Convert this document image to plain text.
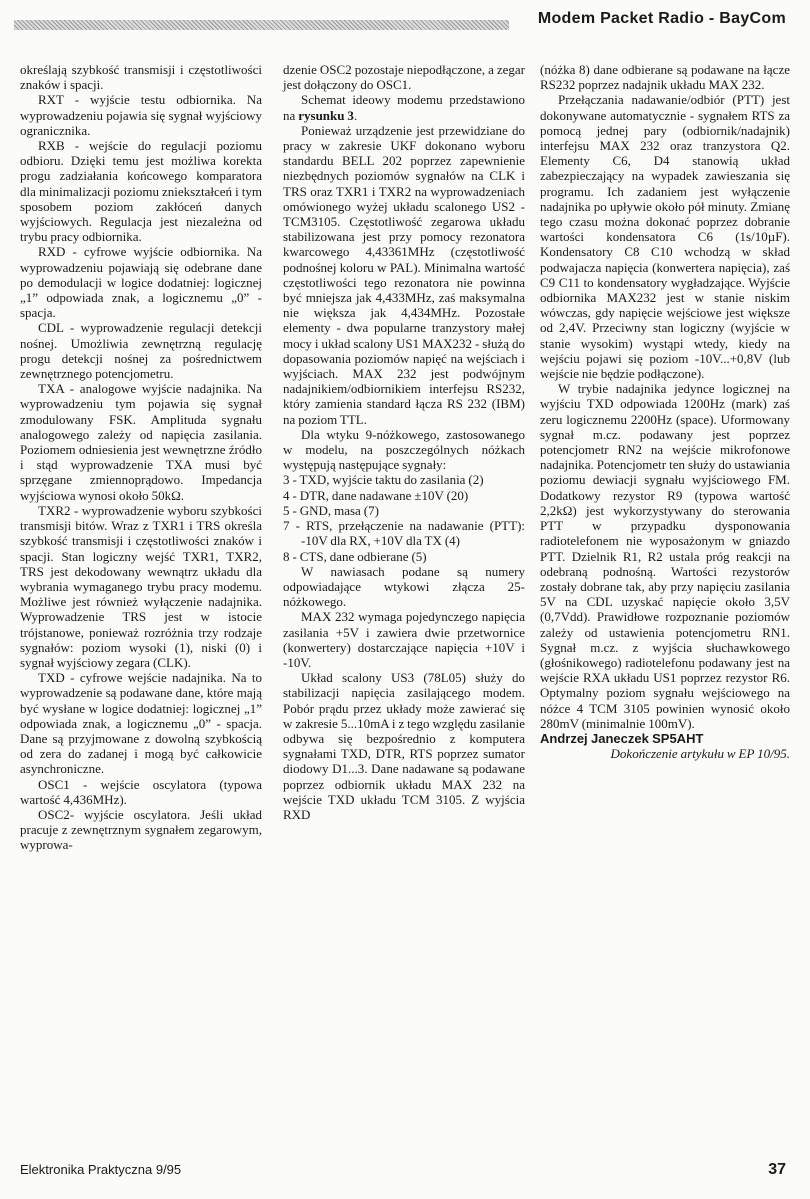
Modem Packet Radio - BayCom

określają szybkość transmisji i częstotliwości znaków i spacji.

RXT - wyjście testu odbiornika. Na wyprowadzeniu pojawia się sygnał wyjściowy ogranicznika.

RXB - wejście do regulacji poziomu odbioru. Dzięki temu jest możliwa korekta progu zadziałania końcowego komparatora dla minimalizacji poziomu zniekształceń i tym sposobem poziom zakłóceń danych wyjściowych. Regulacja jest niezależna od trybu pracy odbiornika.

RXD - cyfrowe wyjście odbiornika. Na wyprowadzeniu pojawiają się odebrane dane po demodulacji w logice dodatniej: logicznej „1” odpowiada znak, a logicznemu „0” - spacja.

CDL - wyprowadzenie regulacji detekcji nośnej. Umożliwia zewnętrzną regulację progu detekcji nośnej za pośrednictwem zewnętrznego potencjometru.

TXA - analogowe wyjście nadajnika. Na wyprowadzeniu tym pojawia się sygnał zmodulowany FSK. Amplituda sygnału analogowego zależy od napięcia zasilania. Poziomem odniesienia jest wewnętrzne źródło i stąd wyprowadzenie TXA musi być sprzęgane zmiennoprądowo. Impedancja wyjściowa wynosi około 50kΩ.

TXR2 - wyprowadzenie wyboru szybkości transmisji bitów. Wraz z TXR1 i TRS określa szybkość transmisji i częstotliwości znaków i spacji. Stan logiczny wejść TXR1, TXR2, TRS jest dekodowany wewnątrz układu dla wybrania wymaganego trybu pracy modemu. Możliwe jest również wyłączenie nadajnika. Wyprowadzenie TRS jest w istocie trójstanowe, ponieważ rozróżnia trzy rodzaje sygnałów: poziom wysoki (1), niski (0) i sygnał wyjściowy zegara (CLK).

TXD - cyfrowe wejście nadajnika. Na to wyprowadzenie są podawane dane, które mają być wysłane w logice dodatniej: logicznej „1” odpowiada znak, a logicznemu „0” - spacja. Dane są przyjmowane z dowolną szybkością od zera do zadanej i mogą być całkowicie asynchroniczne.

OSC1 - wejście oscylatora (typowa wartość 4,436MHz).

OSC2- wyjście oscylatora. Jeśli układ pracuje z zewnętrznym sygnałem zegarowym, wyprowa-

dzenie OSC2 pozostaje niepodłączone, a zegar jest dołączony do OSC1.

Schemat ideowy modemu przedstawiono na rysunku 3.

Ponieważ urządzenie jest przewidziane do pracy w zakresie UKF dokonano wyboru standardu BELL 202 poprzez zapewnienie niezbędnych poziomów sygnałów na CLK i TRS oraz TXR1 i TXR2 na wyprowadzeniach omówionego wyżej układu scalonego US2 - TCM3105. Częstotliwość zegarowa układu stabilizowana jest przy pomocy rezonatora kwarcowego 4,43361MHz (częstotliwość podnośnej koloru w PAL). Minimalna wartość częstotliwości tego rezonatora nie powinna być mniejsza jak 4,433MHz, zaś maksymalna nie większa jak 4,434MHz. Pozostałe elementy - dwa popularne tranzystory małej mocy i układ scalony US1 MAX232 - służą do dopasowania poziomów napięć na wejściach i wyjściach. MAX 232 jest podwójnym nadajnikiem/odbiornikiem interfejsu RS232, który zamienia standard łącza RS 232 (IBM) na poziom TTL.

Dla wtyku 9-nóżkowego, zastosowanego w modelu, na poszczególnych nóżkach występują następujące sygnały:

3 - TXD, wyjście taktu do zasilania (2)

4 - DTR, dane nadawane ±10V (20)

5 - GND, masa (7)

7 - RTS, przełączenie na nadawanie (PTT): -10V dla RX, +10V dla TX (4)

8 - CTS, dane odbierane (5)

W nawiasach podane są numery odpowiadające wtykowi złącza 25-nóżkowego.

MAX 232 wymaga pojedynczego napięcia zasilania +5V i zawiera dwie przetwornice (konwertery) dostarczające napięcia +10V i -10V.

Układ scalony US3 (78L05) służy do stabilizacji napięcia zasilającego modem. Pobór prądu przez układy może zawierać się w zakresie 5...10mA i z tego względu zasilanie odbywa się bezpośrednio z komputera sygnałami TXD, DTR, RTS poprzez sumator diodowy D1...3. Dane nadawane są podawane poprzez odbiornik układu MAX 232 na wejście TXD układu TCM 3105. Z wyjścia RXD

(nóżka 8) dane odbierane są podawane na łącze RS232 poprzez nadajnik układu MAX 232.

Przełączania nadawanie/odbiór (PTT) jest dokonywane automatycznie - sygnałem RTS za pomocą jednej pary (odbiornik/nadajnik) interfejsu MAX 232 oraz tranzystora Q2. Elementy C6, D4 stanowią układ zabezpieczający na wypadek zawieszania się programu. Ich zadaniem jest wyłączenie nadajnika po upływie około pół minuty. Zmianę tego czasu można dokonać poprzez dobranie wartości kondensatora C6 (1s/10µF). Kondensatory C8 C10 wchodzą w skład podwajacza napięcia (konwertera napięcia), zaś C9 C11 to kondensatory wygładzające. Wyjście odbiornika MAX232 jest w stanie niskim wówczas, gdy napięcie wejściowe jest większe od 2,4V. Przeciwny stan logiczny (wyjście w stanie wysokim) wystąpi wtedy, kiedy na wejściu pojawi się poziom -10V...+0,8V (lub wejście nie będzie podłączone).

W trybie nadajnika jedynce logicznej na wyjściu TXD odpowiada 1200Hz (mark) zaś zeru logicznemu 2200Hz (space). Uformowany sygnał m.cz. podawany jest poprzez potencjometr RN2 na wejście mikrofonowe nadajnika. Potencjometr ten służy do ustawiania poziomu dewiacji sygnału wyjściowego FM. Dodatkowy rezystor R9 (typowa wartość 2,2kΩ) jest wykorzystywany do sterowania PTT w przypadku dysponowania radiotelefonem nie wyposażonym w gniazdo PTT. Dzielnik R1, R2 ustala próg reakcji na odebraną podnośną. Wartości rezystorów zostały dobrane tak, aby przy napięciu zasilania 5V na CDL uzyskać napięcie około 3,5V (0,7Vdd). Prawidłowe rozpoznanie poziomów zależy od ustawienia potencjometru RN1. Sygnał m.cz. z wyjścia słuchawkowego (głośnikowego) radiotelefonu podawany jest na wejście RXA układu US1 poprzez rezystor R6. Optymalny poziom sygnału wejściowego na nóżce 4 TCM 3105 powinien wynosić około 280mV (minimalnie 100mV).

Andrzej Janeczek SP5AHT

Dokończenie artykułu w EP 10/95.

Elektronika Praktyczna 9/95	37
